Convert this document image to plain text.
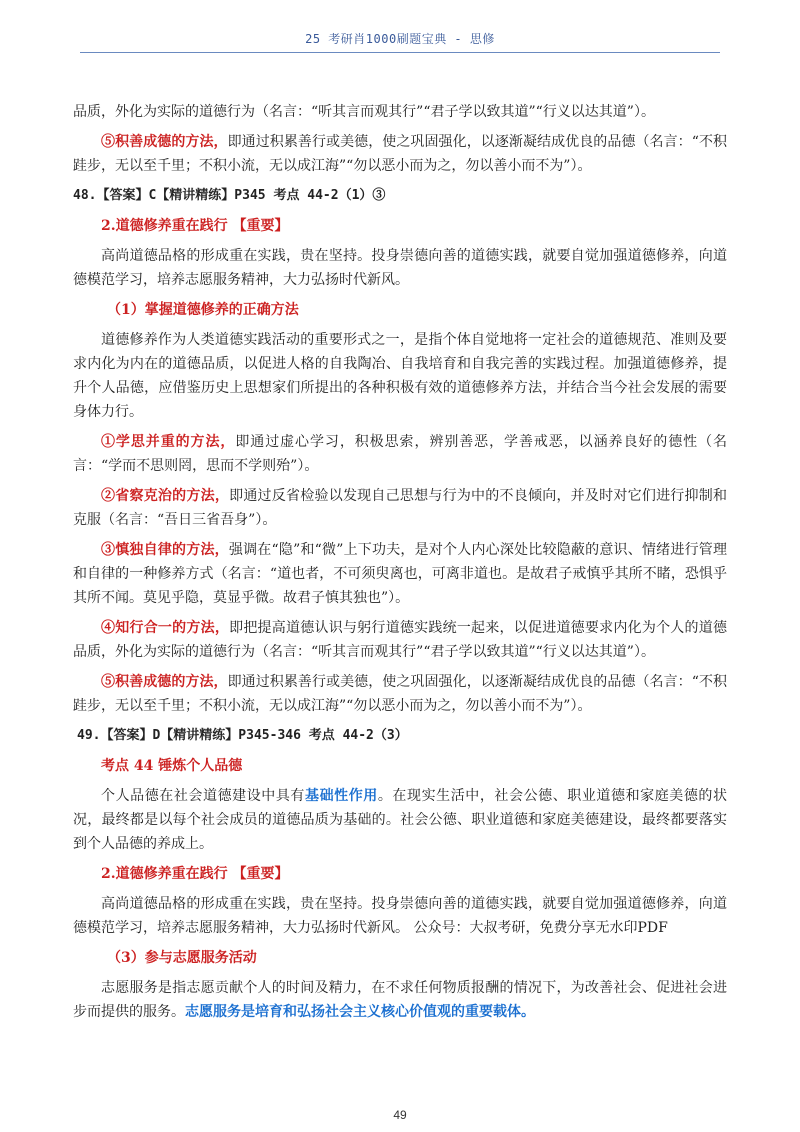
25 考研肖1000刷题宝典 - 思修

品质，外化为实际的道德行为（名言：“听其言而观其行”“君子学以致其道”“行义以达其道”）。

⑤积善成德的方法，即通过积累善行或美德，使之巩固强化，以逐渐凝结成优良的品德（名言：“不积跬步，无以至千里；不积小流，无以成江海”“勿以恶小而为之，勿以善小而不为”）。

48.【答案】C【精讲精练】P345 考点 44-2（1）③

2.道德修养重在践行 【重要】

高尚道德品格的形成重在实践，贵在坚持。投身崇德向善的道德实践，就要自觉加强道德修养，向道德模范学习，培养志愿服务精神，大力弘扬时代新风。

（1）掌握道德修养的正确方法

道德修养作为人类道德实践活动的重要形式之一，是指个体自觉地将一定社会的道德规范、准则及要求内化为内在的道德品质，以促进人格的自我陶冶、自我培育和自我完善的实践过程。加强道德修养，提升个人品德，应借鉴历史上思想家们所提出的各种积极有效的道德修养方法，并结合当今社会发展的需要身体力行。

①学思并重的方法，即通过虚心学习，积极思索，辨别善恶，学善戒恶，以涵养良好的德性（名言：“学而不思则罔，思而不学则殆”）。

②省察克治的方法，即通过反省检验以发现自己思想与行为中的不良倾向，并及时对它们进行抑制和克服（名言：“吾日三省吾身”）。

③慎独自律的方法，强调在“隐”和“微”上下功夫，是对个人内心深处比较隐蔽的意识、情绪进行管理和自律的一种修养方式（名言：“道也者，不可须臾离也，可离非道也。是故君子戒慎乎其所不睹，恐惧乎其所不闻。莫见乎隐，莫显乎微。故君子慎其独也”）。

④知行合一的方法，即把提高道德认识与躬行道德实践统一起来，以促进道德要求内化为个人的道德品质，外化为实际的道德行为（名言：“听其言而观其行”“君子学以致其道”“行义以达其道”）。

⑤积善成德的方法，即通过积累善行或美德，使之巩固强化，以逐渐凝结成优良的品德（名言：“不积跬步，无以至千里；不积小流，无以成江海”“勿以恶小而为之，勿以善小而不为”）。

49.【答案】D【精讲精练】P345-346 考点 44-2（3）

考点 44 锤炼个人品德

个人品德在社会道德建设中具有基础性作用。在现实生活中，社会公德、职业道德和家庭美德的状况，最终都是以每个社会成员的道德品质为基础的。社会公德、职业道德和家庭美德建设，最终都要落实到个人品德的养成上。

2.道德修养重在践行 【重要】

高尚道德品格的形成重在实践，贵在坚持。投身崇德向善的道德实践，就要自觉加强道德修养，向道德模范学习，培养志愿服务精神，大力弘扬时代新风。 公众号：大叔考研，免费分享无水印PDF

（3）参与志愿服务活动

志愿服务是指志愿贡献个人的时间及精力，在不求任何物质报酬的情况下，为改善社会、促进社会进步而提供的服务。志愿服务是培育和弘扬社会主义核心价值观的重要载体。

49
